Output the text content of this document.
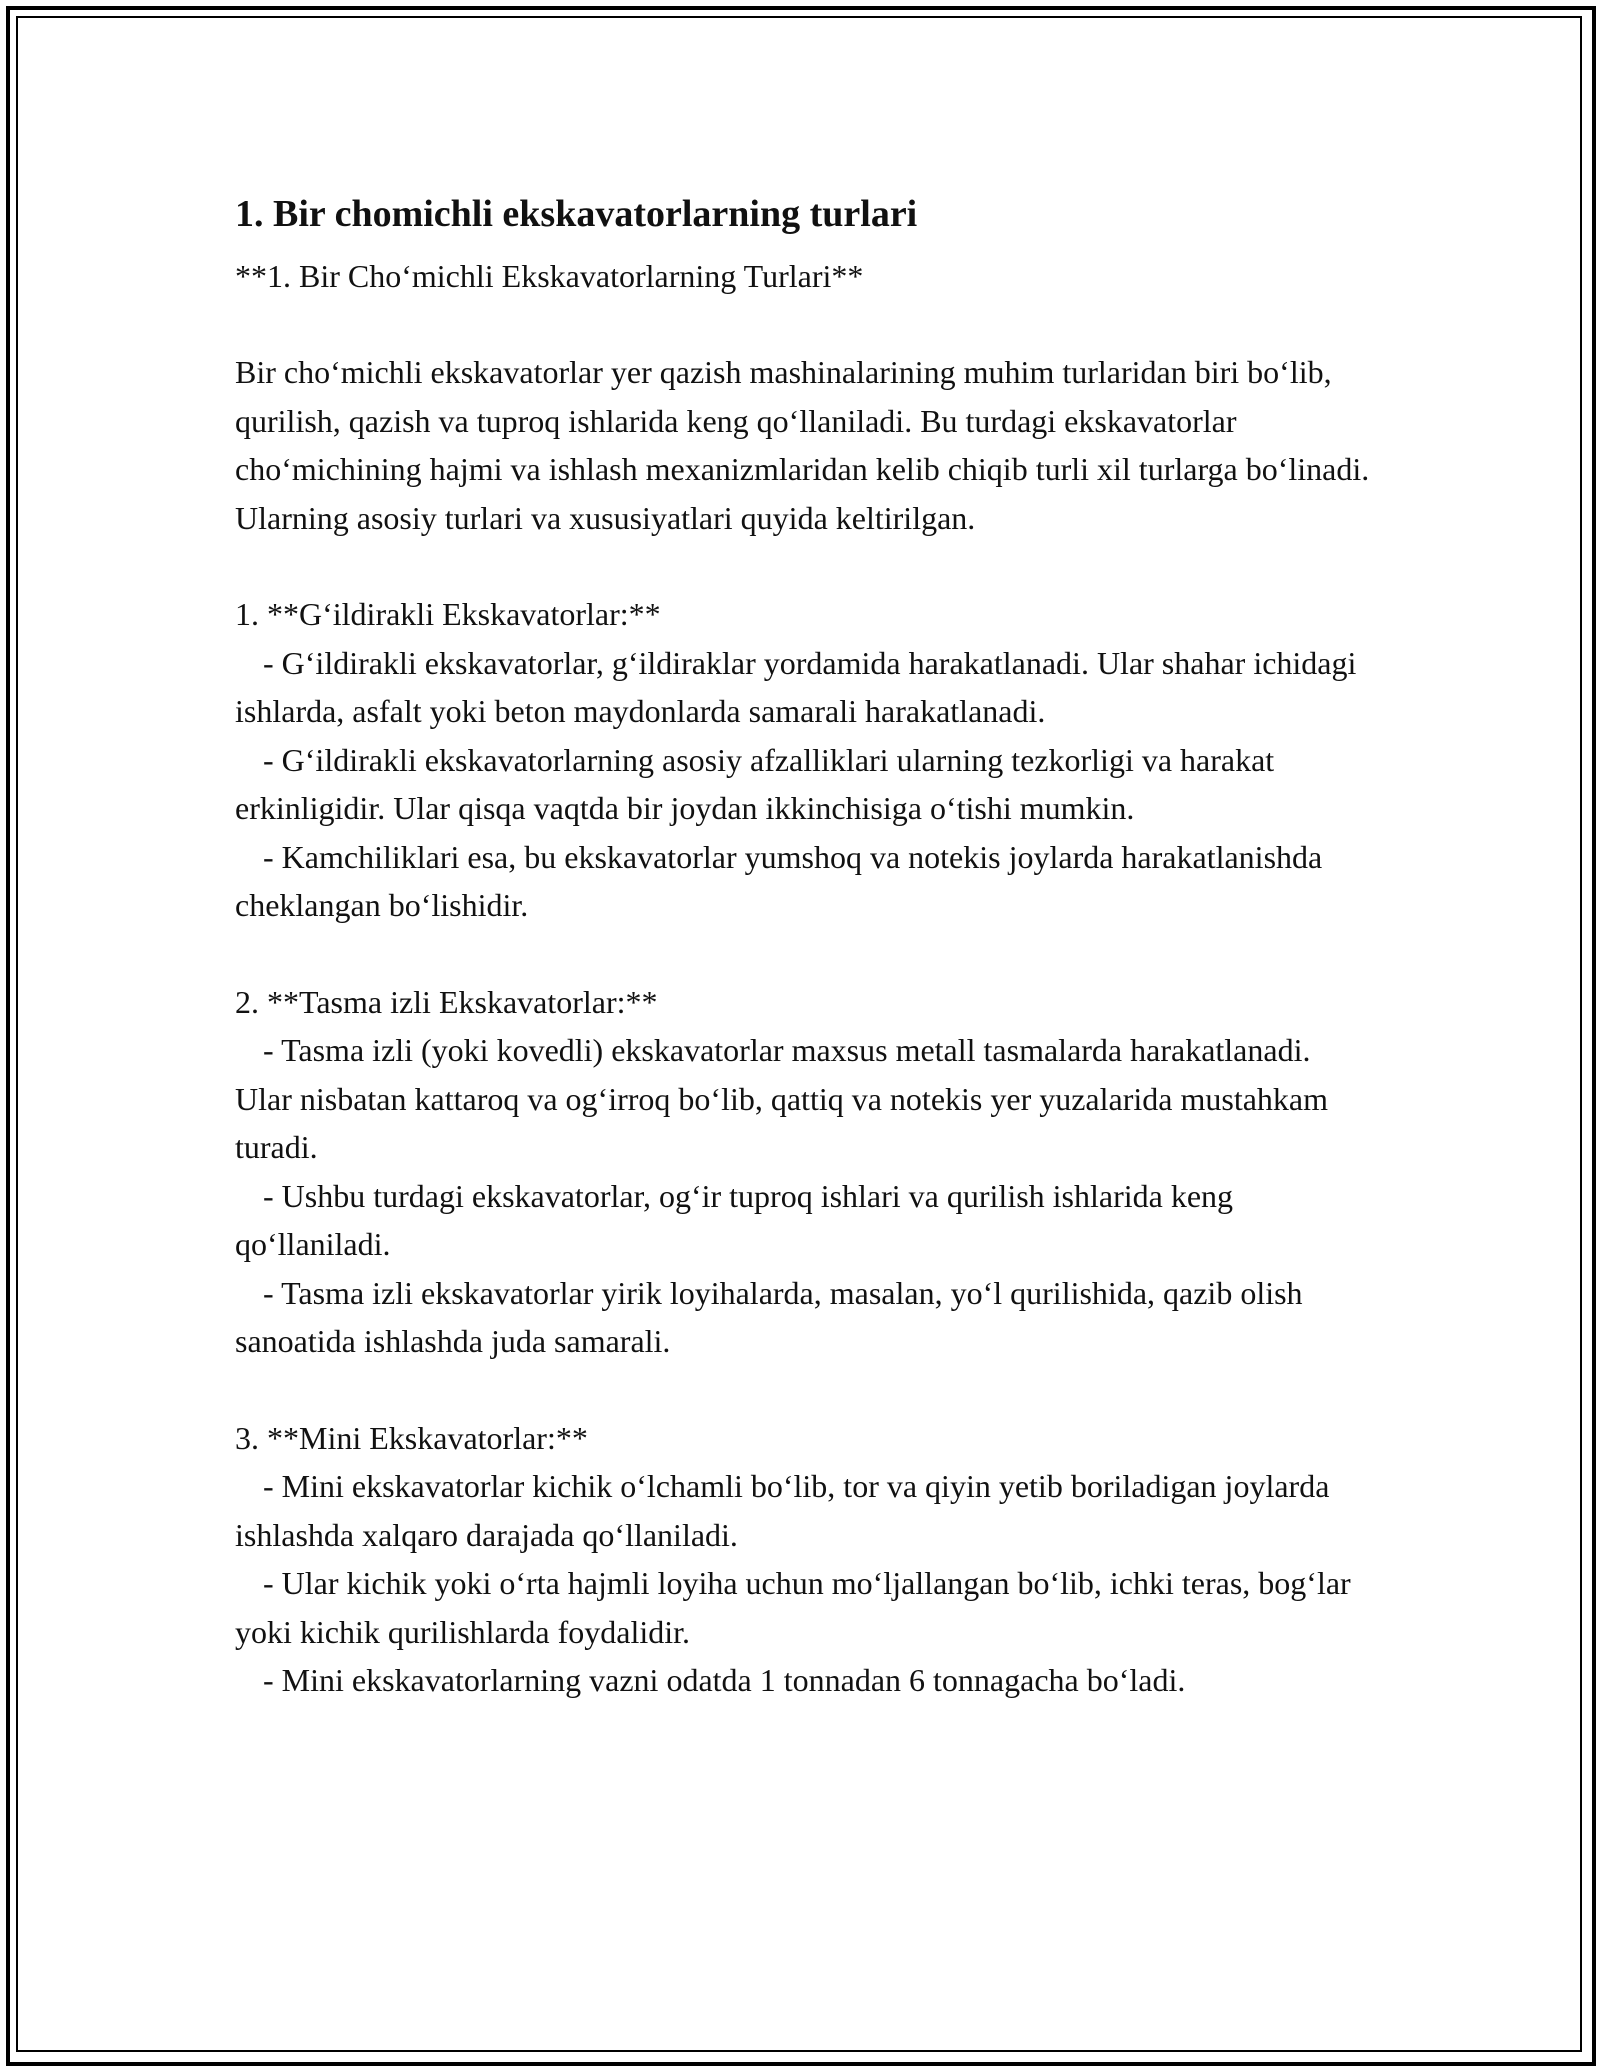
1. Bir chomichli ekskavatorlarning turlari

**1. Bir Cho‘michli Ekskavatorlarning Turlari**

Bir cho‘michli ekskavatorlar yer qazish mashinalarining muhim turlaridan biri bo‘lib, qurilish, qazish va tuproq ishlarida keng qo‘llaniladi. Bu turdagi ekskavatorlar cho‘michining hajmi va ishlash mexanizmlaridan kelib chiqib turli xil turlarga bo‘linadi. Ularning asosiy turlari va xususiyatlari quyida keltirilgan.

1. **G‘ildirakli Ekskavatorlar:**

- G‘ildirakli ekskavatorlar, g‘ildiraklar yordamida harakatlanadi. Ular shahar ichidagi ishlarda, asfalt yoki beton maydonlarda samarali harakatlanadi.

- G‘ildirakli ekskavatorlarning asosiy afzalliklari ularning tezkorligi va harakat erkinligidir. Ular qisqa vaqtda bir joydan ikkinchisiga o‘tishi mumkin.

- Kamchiliklari esa, bu ekskavatorlar yumshoq va notekis joylarda harakatlanishda cheklangan bo‘lishidir.

2. **Tasma izli Ekskavatorlar:**

- Tasma izli (yoki kovedli) ekskavatorlar maxsus metall tasmalarda harakatlanadi. Ular nisbatan kattaroq va og‘irroq bo‘lib, qattiq va notekis yer yuzalarida mustahkam turadi.

- Ushbu turdagi ekskavatorlar, og‘ir tuproq ishlari va qurilish ishlarida keng qo‘llaniladi.

- Tasma izli ekskavatorlar yirik loyihalarda, masalan, yo‘l qurilishida, qazib olish sanoatida ishlashda juda samarali.

3. **Mini Ekskavatorlar:**

- Mini ekskavatorlar kichik o‘lchamli bo‘lib, tor va qiyin yetib boriladigan joylarda ishlashda xalqaro darajada qo‘llaniladi.

- Ular kichik yoki o‘rta hajmli loyiha uchun mo‘ljallangan bo‘lib, ichki teras, bog‘lar yoki kichik qurilishlarda foydalidir.

- Mini ekskavatorlarning vazni odatda 1 tonnadan 6 tonnagacha bo‘ladi.
